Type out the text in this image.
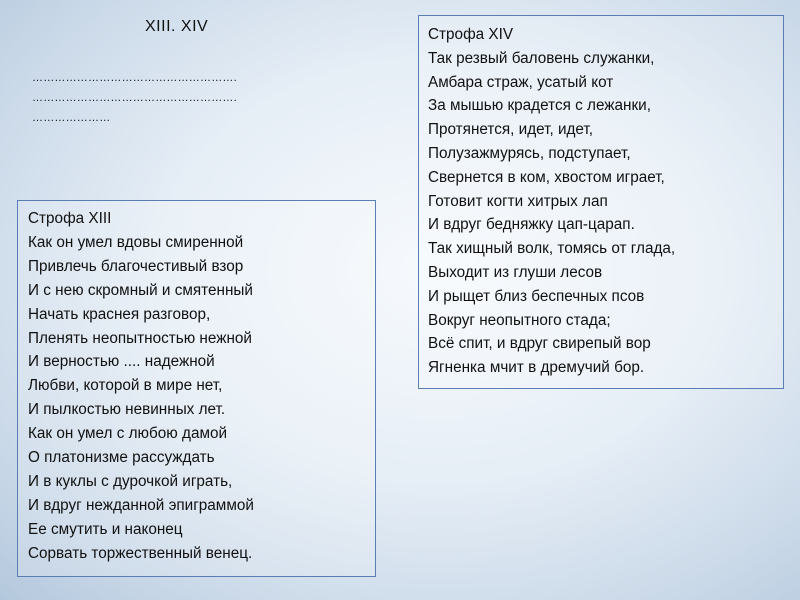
XIII. XIV
……………………………………………….
……………………………………………….
…………………
Строфа XIII
Как он умел вдовы смиренной
Привлечь благочестивый взор
И с нею скромный и смятенный
Начать краснея разговор,
Пленять неопытностью нежной
И верностью .... надежной
Любви, которой в мире нет,
И пылкостью невинных лет.
Как он умел с любою дамой
О платонизме рассуждать
И в куклы с дурочкой играть,
И вдруг нежданной эпиграммой
Ее смутить и наконец
Сорвать торжественный венец.
Строфа XIV
Так резвый баловень служанки,
Амбара страж, усатый кот
За мышью крадется с лежанки,
Протянется, идет, идет,
Полузажмурясь, подступает,
Свернется в ком, хвостом играет,
Готовит когти хитрых лап
И вдруг бедняжку цап-царап.
Так хищный волк, томясь от глада,
Выходит из глуши лесов
И рыщет близ беспечных псов
Вокруг неопытного стада;
Всё спит, и вдруг свирепый вор
Ягненка мчит в дремучий бор.
